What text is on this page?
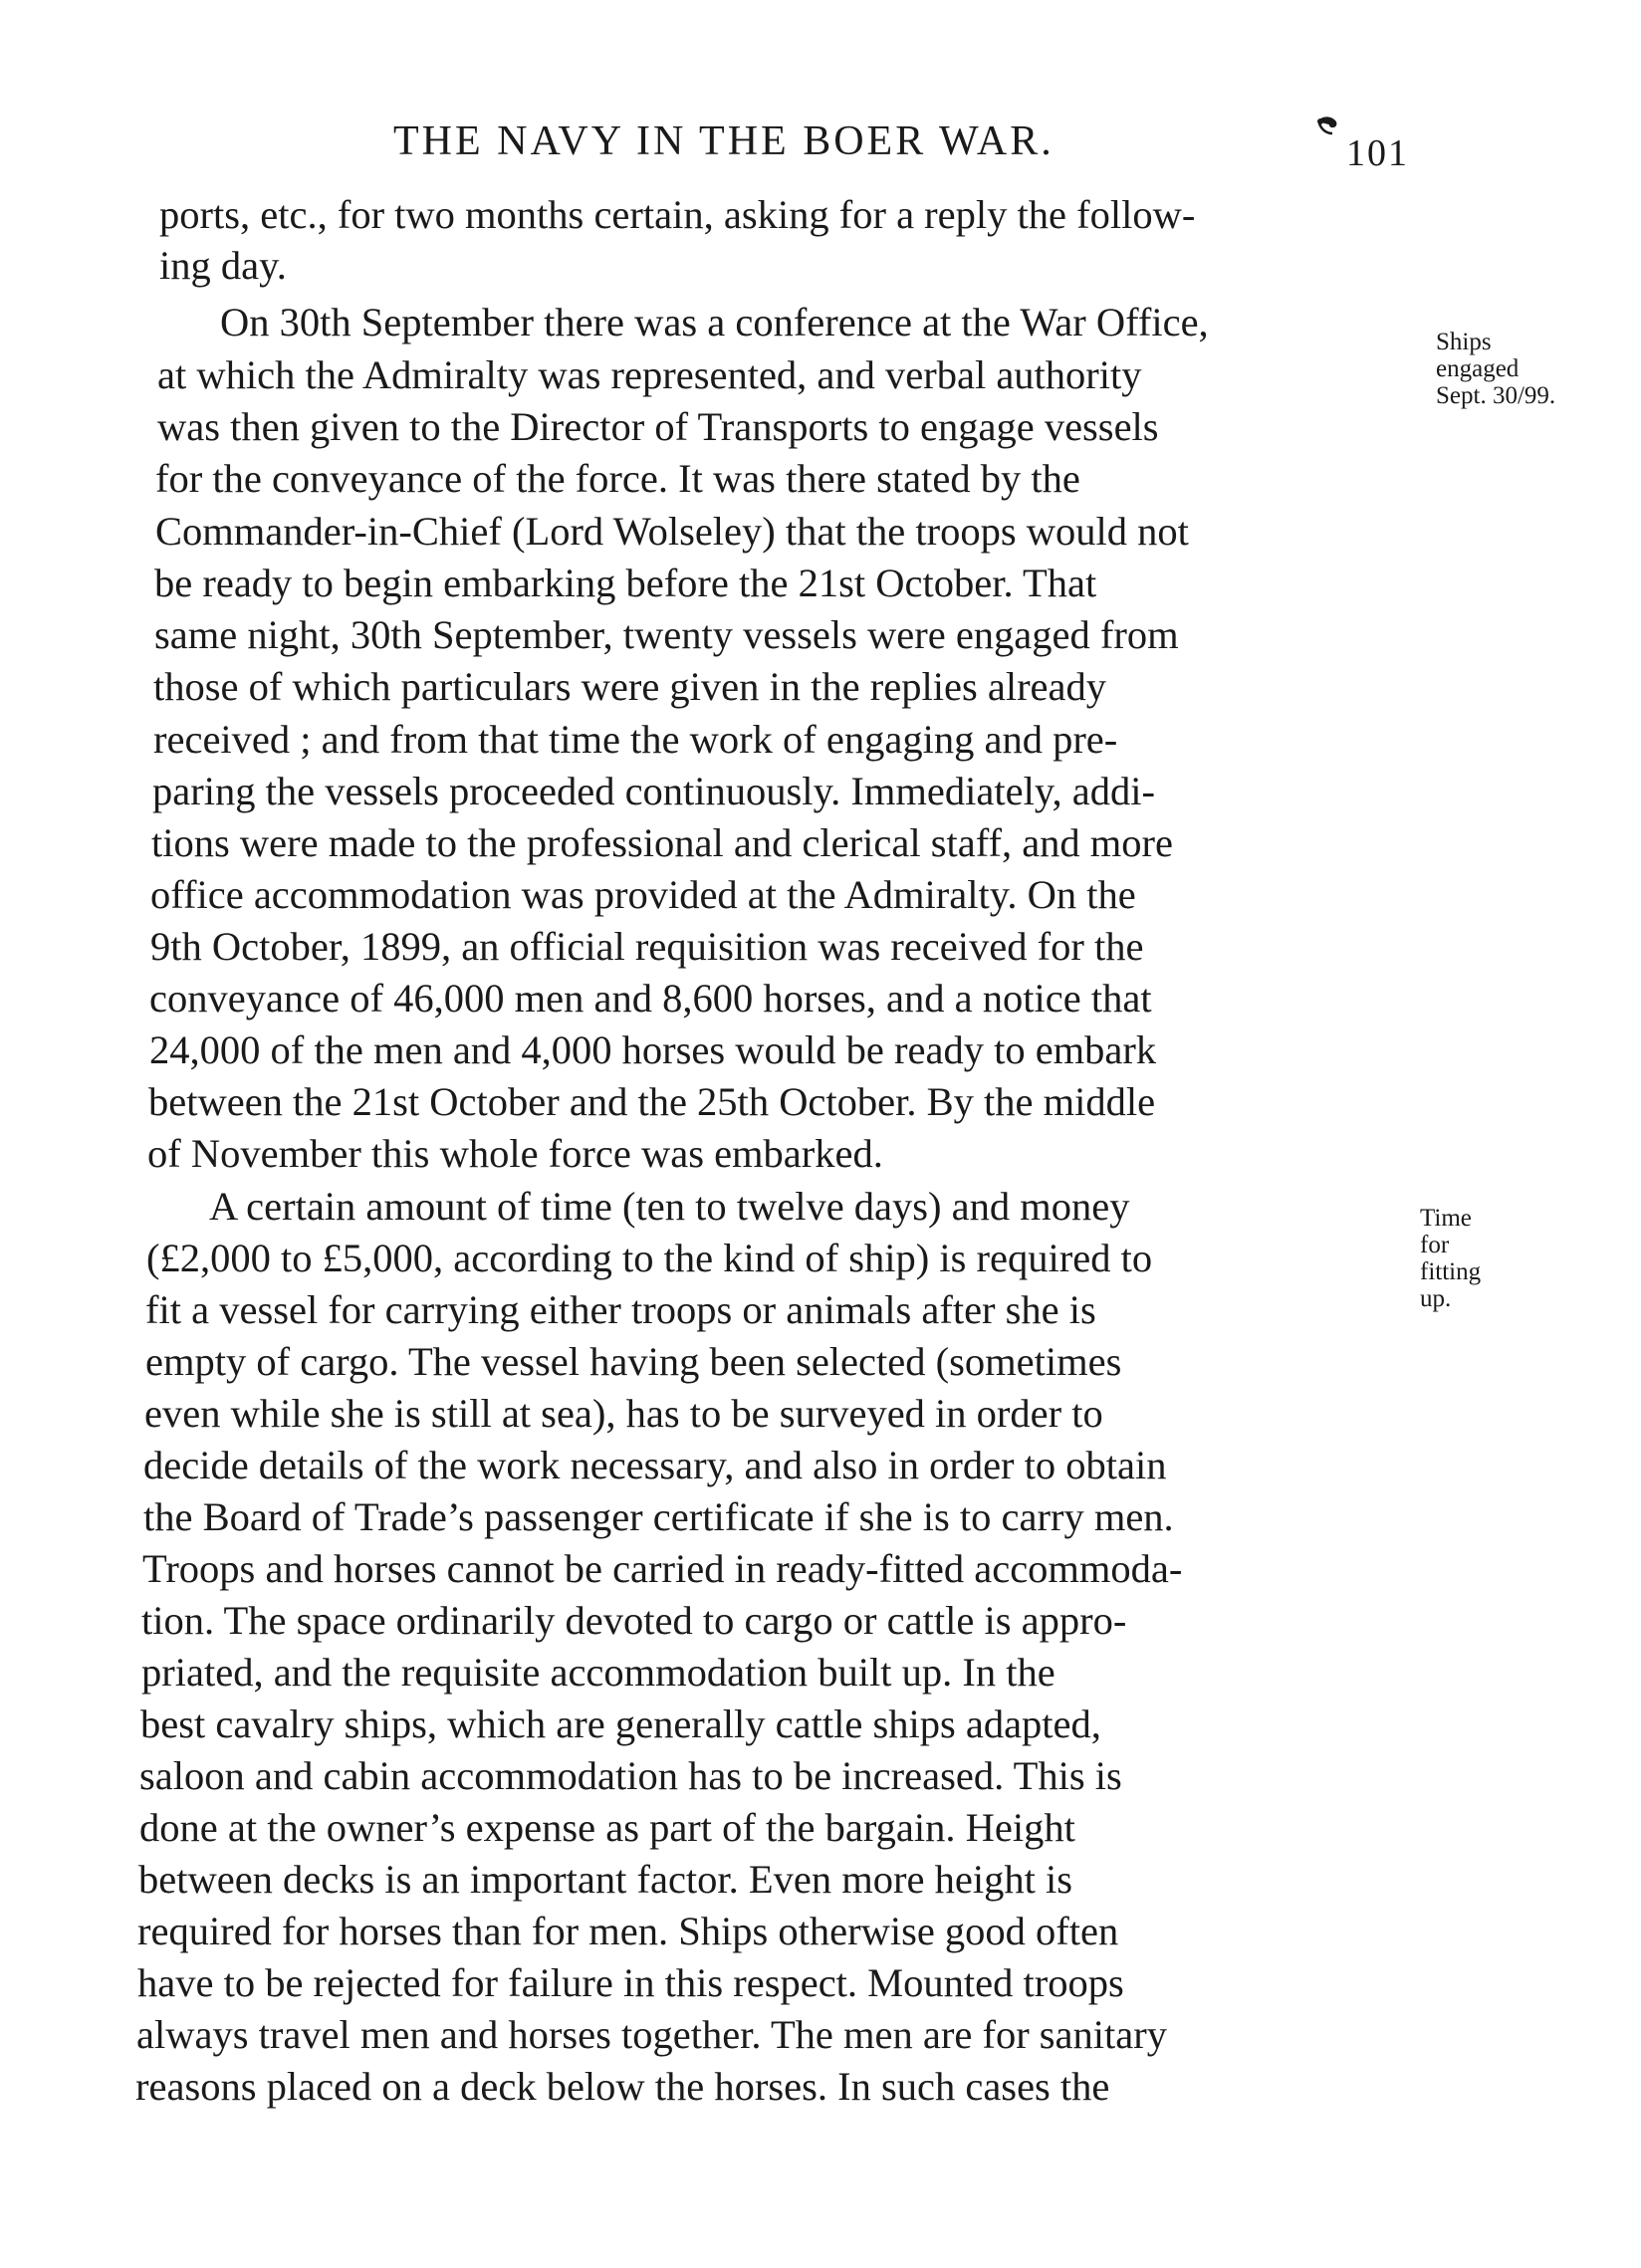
THE NAVY IN THE BOER WAR.	101
ports, etc., for two months certain, asking for a reply the follow-
ing day.
On 30th September there was a conference at the War Office,
at which the Admiralty was represented, and verbal authority
was then given to the Director of Transports to engage vessels
for the conveyance of the force. It was there stated by the
Commander-in-Chief (Lord Wolseley) that the troops would not
be ready to begin embarking before the 21st October. That
same night, 30th September, twenty vessels were engaged from
those of which particulars were given in the replies already
received ; and from that time the work of engaging and pre-
paring the vessels proceeded continuously. Immediately, addi-
tions were made to the professional and clerical staff, and more
office accommodation was provided at the Admiralty. On the
9th October, 1899, an official requisition was received for the
conveyance of 46,000 men and 8,600 horses, and a notice that
24,000 of the men and 4,000 horses would be ready to embark
between the 21st October and the 25th October. By the middle
of November this whole force was embarked.
A certain amount of time (ten to twelve days) and money
(£2,000 to £5,000, according to the kind of ship) is required to
fit a vessel for carrying either troops or animals after she is
empty of cargo. The vessel having been selected (sometimes
even while she is still at sea), has to be surveyed in order to
decide details of the work necessary, and also in order to obtain
the Board of Trade’s passenger certificate if she is to carry men.
Troops and horses cannot be carried in ready-fitted accommoda-
tion. The space ordinarily devoted to cargo or cattle is appro-
priated, and the requisite accommodation built up. In the
best cavalry ships, which are generally cattle ships adapted,
saloon and cabin accommodation has to be increased. This is
done at the owner’s expense as part of the bargain. Height
between decks is an important factor. Even more height is
required for horses than for men. Ships otherwise good often
have to be rejected for failure in this respect. Mounted troops
always travel men and horses together. The men are for sanitary
reasons placed on a deck below the horses. In such cases the
Ships
engaged
Sept. 30/99.
Time
for
fitting
up.
